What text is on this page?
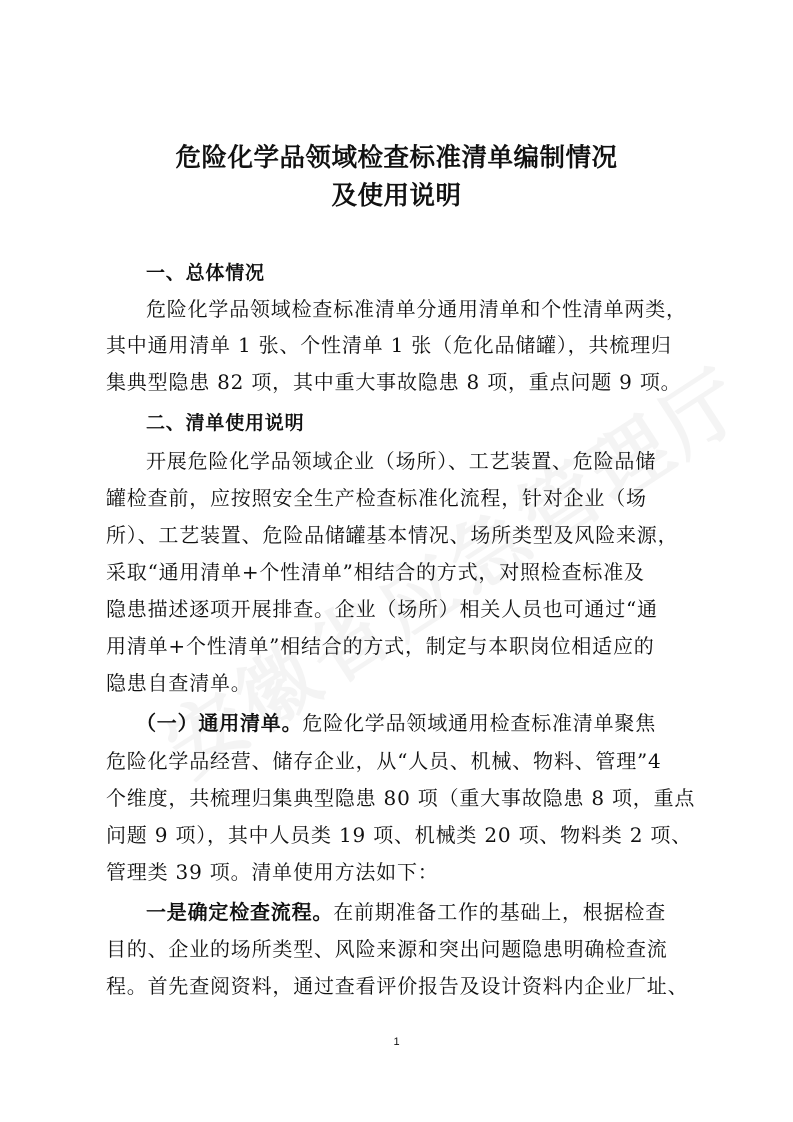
危险化学品领域检查标准清单编制情况
及使用说明
一、总体情况
危险化学品领域检查标准清单分通用清单和个性清单两类，
其中通用清单 1 张、个性清单 1 张（危化品储罐），共梳理归
集典型隐患 82 项，其中重大事故隐患 8 项，重点问题 9 项。
二、清单使用说明
开展危险化学品领域企业（场所）、工艺装置、危险品储
罐检查前，应按照安全生产检查标准化流程，针对企业（场
所）、工艺装置、危险品储罐基本情况、场所类型及风险来源，
采取“通用清单+个性清单”相结合的方式，对照检查标准及
隐患描述逐项开展排查。企业（场所）相关人员也可通过“通
用清单+个性清单”相结合的方式，制定与本职岗位相适应的
隐患自查清单。
（一）通用清单。危险化学品领域通用检查标准清单聚焦
危险化学品经营、储存企业，从“人员、机械、物料、管理”4
个维度，共梳理归集典型隐患 80 项（重大事故隐患 8 项，重点
问题 9 项），其中人员类 19 项、机械类 20 项、物料类 2 项、
管理类 39 项。清单使用方法如下：
一是确定检查流程。在前期准备工作的基础上，根据检查
目的、企业的场所类型、风险来源和突出问题隐患明确检查流
程。首先查阅资料，通过查看评价报告及设计资料内企业厂址、
1
